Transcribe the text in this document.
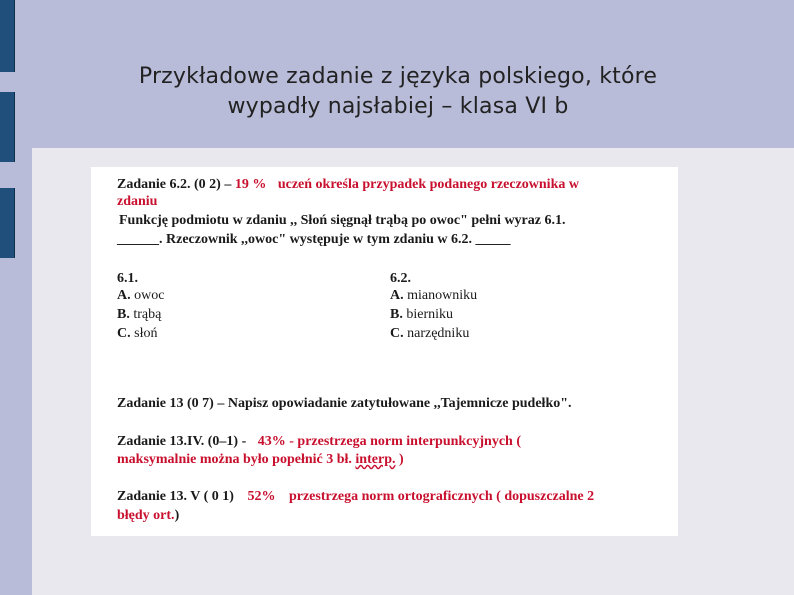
Przykładowe zadanie z języka polskiego, które
wypadły najsłabiej – klasa VI b
Zadanie 6.2. (0 2) – 19 % uczeń określa przypadek podanego rzeczownika w
zdaniu
Funkcję podmiotu w zdaniu ,, Słoń sięgnął trąbą po owoc" pełni wyraz 6.1.
______. Rzeczownik ,,owoc" występuje w tym zdaniu w 6.2. _____
6.1.
A. owoc
B. trąbą
C. słoń
6.2.
A. mianowniku
B. bierniku
C. narzędniku
Zadanie 13 (0 7) – Napisz opowiadanie zatytułowane ,,Tajemnicze pudełko".
Zadanie 13.IV. (0–1) - 43% - przestrzega norm interpunkcyjnych (
maksymalnie można było popełnić 3 bł. interp. )
Zadanie 13. V ( 0 1) 52% przestrzega norm ortograficznych ( dopuszczalne 2
błędy ort.)
